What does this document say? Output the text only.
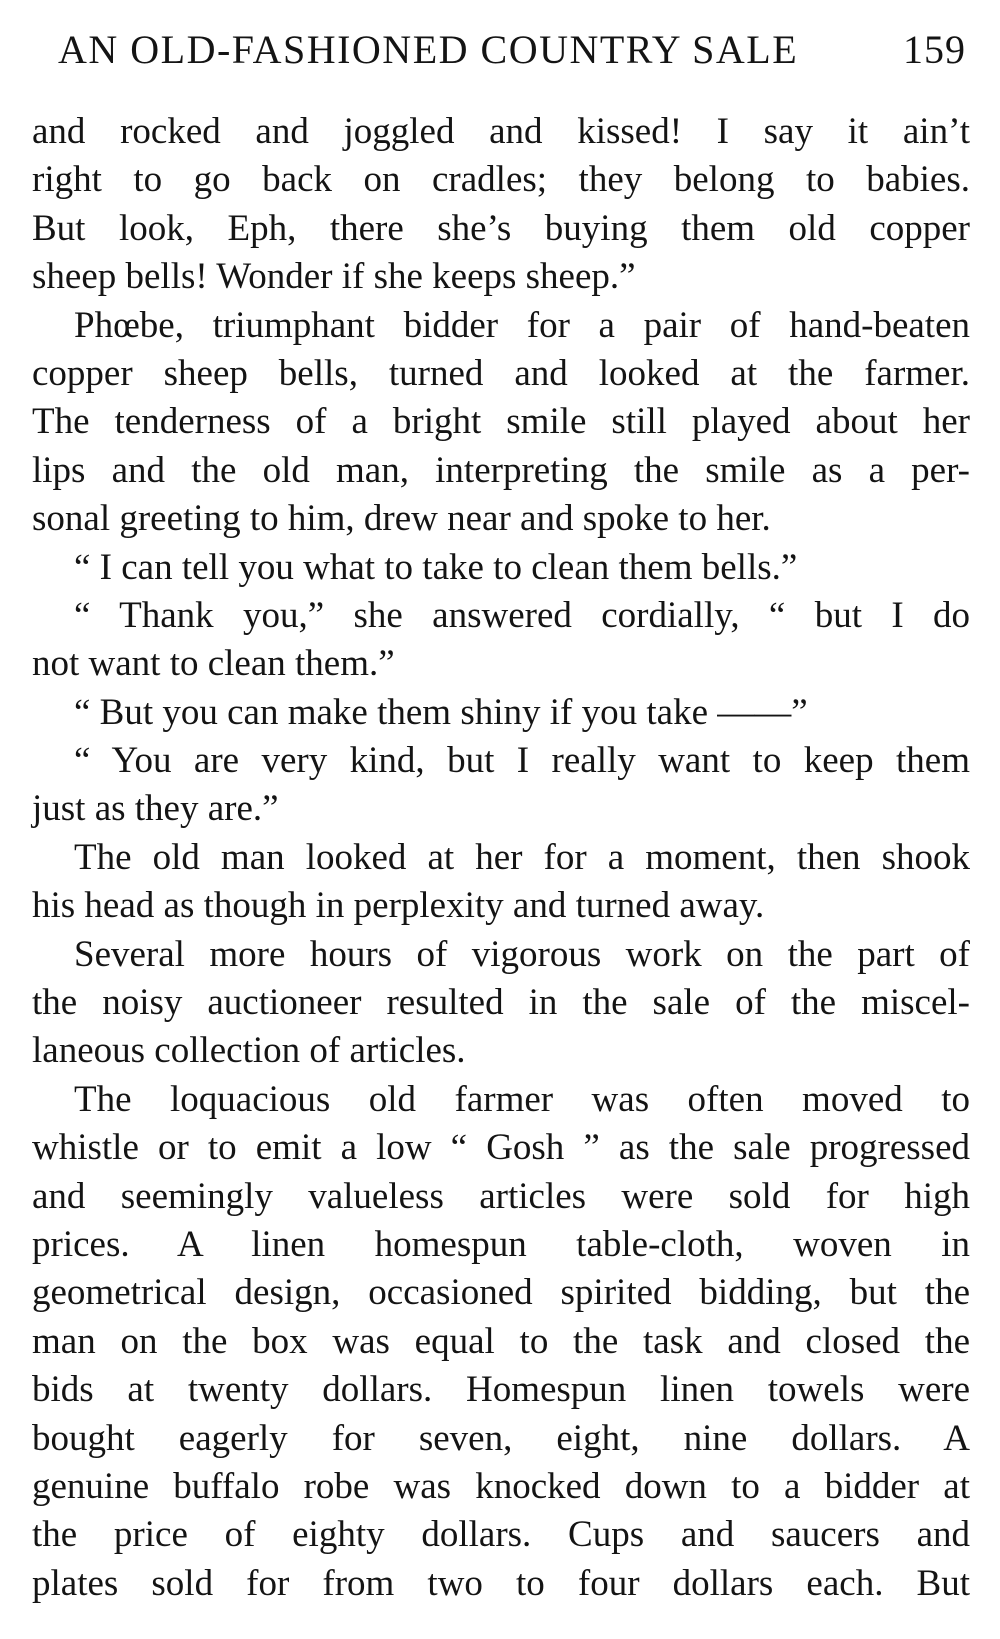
AN OLD-FASHIONED COUNTRY SALE	159
and rocked and joggled and kissed! I say it ain’t
right to go back on cradles; they belong to babies.
But look, Eph, there she’s buying them old copper
sheep bells! Wonder if she keeps sheep.”
Phœbe, triumphant bidder for a pair of hand-beaten
copper sheep bells, turned and looked at the farmer.
The tenderness of a bright smile still played about her
lips and the old man, interpreting the smile as a per-
sonal greeting to him, drew near and spoke to her.
“ I can tell you what to take to clean them bells.”
“ Thank you,” she answered cordially, “ but I do
not want to clean them.”
“ But you can make them shiny if you take ——”
“ You are very kind, but I really want to keep them
just as they are.”
The old man looked at her for a moment, then shook
his head as though in perplexity and turned away.
Several more hours of vigorous work on the part of
the noisy auctioneer resulted in the sale of the miscel-
laneous collection of articles.
The loquacious old farmer was often moved to
whistle or to emit a low “ Gosh ” as the sale progressed
and seemingly valueless articles were sold for high
prices. A linen homespun table-cloth, woven in
geometrical design, occasioned spirited bidding, but the
man on the box was equal to the task and closed the
bids at twenty dollars. Homespun linen towels were
bought eagerly for seven, eight, nine dollars. A
genuine buffalo robe was knocked down to a bidder at
the price of eighty dollars. Cups and saucers and
plates sold for from two to four dollars each. But
